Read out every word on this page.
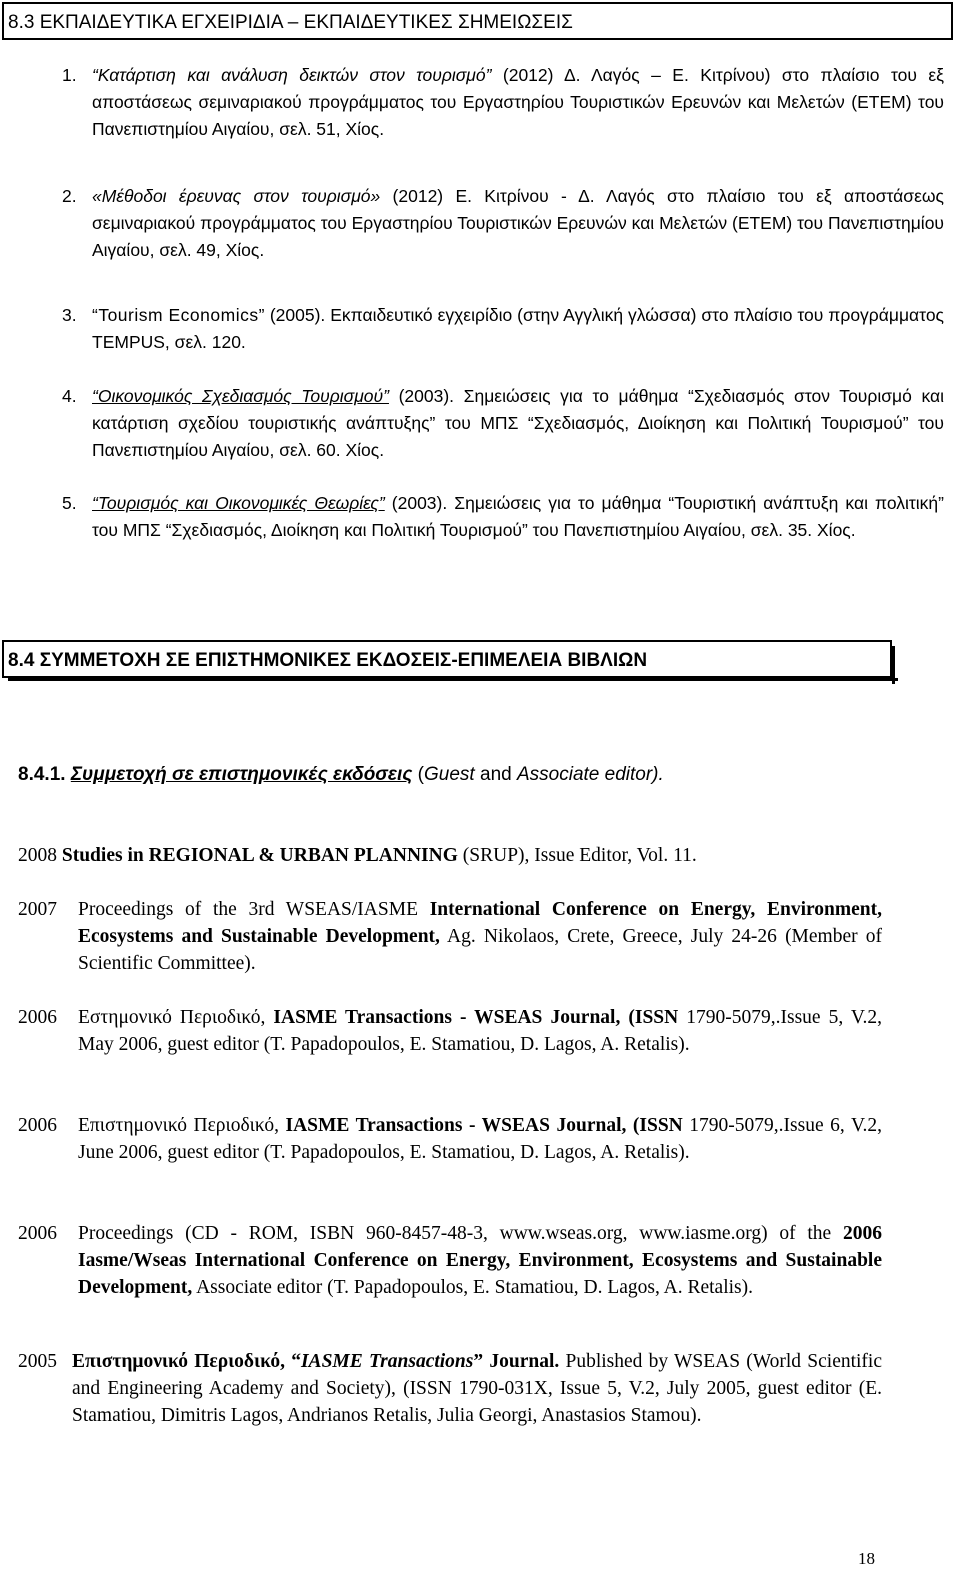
8.3 ΕΚΠΑΙΔΕΥΤΙΚΑ ΕΓΧΕΙΡΙΔΙΑ – ΕΚΠΑΙΔΕΥΤΙΚΕΣ ΣΗΜΕΙΩΣΕΙΣ
1. “Κατάρτιση και ανάλυση δεικτών στον τουρισμό” (2012) Δ. Λαγός – Ε. Κιτρίνου) στο πλαίσιο του εξ αποστάσεως σεμιναριακού προγράμματος του Εργαστηρίου Τουριστικών Ερευνών και Μελετών (ΕΤΕΜ) του Πανεπιστημίου Αιγαίου, σελ. 51, Χίος.
2. «Μέθοδοι έρευνας στον τουρισμό» (2012) Ε. Κιτρίνου - Δ. Λαγός στο πλαίσιο του εξ αποστάσεως σεμιναριακού προγράμματος του Εργαστηρίου Τουριστικών Ερευνών και Μελετών (ΕΤΕΜ) του Πανεπιστημίου Αιγαίου, σελ. 49, Χίος.
3. “Tourism Economics” (2005). Εκπαιδευτικό εγχειρίδιο (στην Αγγλική γλώσσα) στο πλαίσιο του προγράμματος TEMPUS, σελ. 120.
4. “Οικονομικός Σχεδιασμός Τουρισμού” (2003). Σημειώσεις για το μάθημα “Σχεδιασμός στον Τουρισμό και κατάρτιση σχεδίου τουριστικής ανάπτυξης” του ΜΠΣ “Σχεδιασμός, Διοίκηση και Πολιτική Τουρισμού” του Πανεπιστημίου Αιγαίου, σελ. 60. Χίος.
5. “Τουρισμός και Οικονομικές Θεωρίες” (2003). Σημειώσεις για το μάθημα “Τουριστική ανάπτυξη και πολιτική” του ΜΠΣ “Σχεδιασμός, Διοίκηση και Πολιτική Τουρισμού” του Πανεπιστημίου Αιγαίου, σελ. 35. Χίος.
8.4 ΣΥΜΜΕΤΟΧΗ ΣΕ ΕΠΙΣΤΗΜΟΝΙΚΕΣ ΕΚΔΟΣΕΙΣ-ΕΠΙΜΕΛΕΙΑ ΒΙΒΛΙΩΝ
8.4.1. Συμμετοχή σε επιστημονικές εκδόσεις (Guest and Associate editor).
2008 Studies in REGIONAL & URBAN PLANNING (SRUP), Issue Editor, Vol. 11.
2007 Proceedings of the 3rd WSEAS/IASME International Conference on Energy, Environment, Ecosystems and Sustainable Development, Ag. Nikolaos, Crete, Greece, July 24-26 (Member of Scientific Committee).
2006 Εστημονικό Περιοδικό, IASME Transactions - WSEAS Journal, (ISSN 1790-5079,.Issue 5, V.2, May 2006, guest editor (T. Papadopoulos, E. Stamatiou, D. Lagos, A. Retalis).
2006 Επιστημονικό Περιοδικό, IASME Transactions - WSEAS Journal, (ISSN 1790-5079,.Issue 6, V.2, June 2006, guest editor (T. Papadopoulos, E. Stamatiou, D. Lagos, A. Retalis).
2006 Proceedings (CD - ROM, ISBN 960-8457-48-3, www.wseas.org, www.iasme.org) of the 2006 Iasme/Wseas International Conference on Energy, Environment, Ecosystems and Sustainable Development, Associate editor (T. Papadopoulos, E. Stamatiou, D. Lagos, A. Retalis).
2005 Επιστημονικό Περιοδικό, “IASME Transactions” Journal. Published by WSEAS (World Scientific and Engineering Academy and Society), (ISSN 1790-031X, Issue 5, V.2, July 2005, guest editor (E. Stamatiou, Dimitris Lagos, Andrianos Retalis, Julia Georgi, Anastasios Stamou).
18
